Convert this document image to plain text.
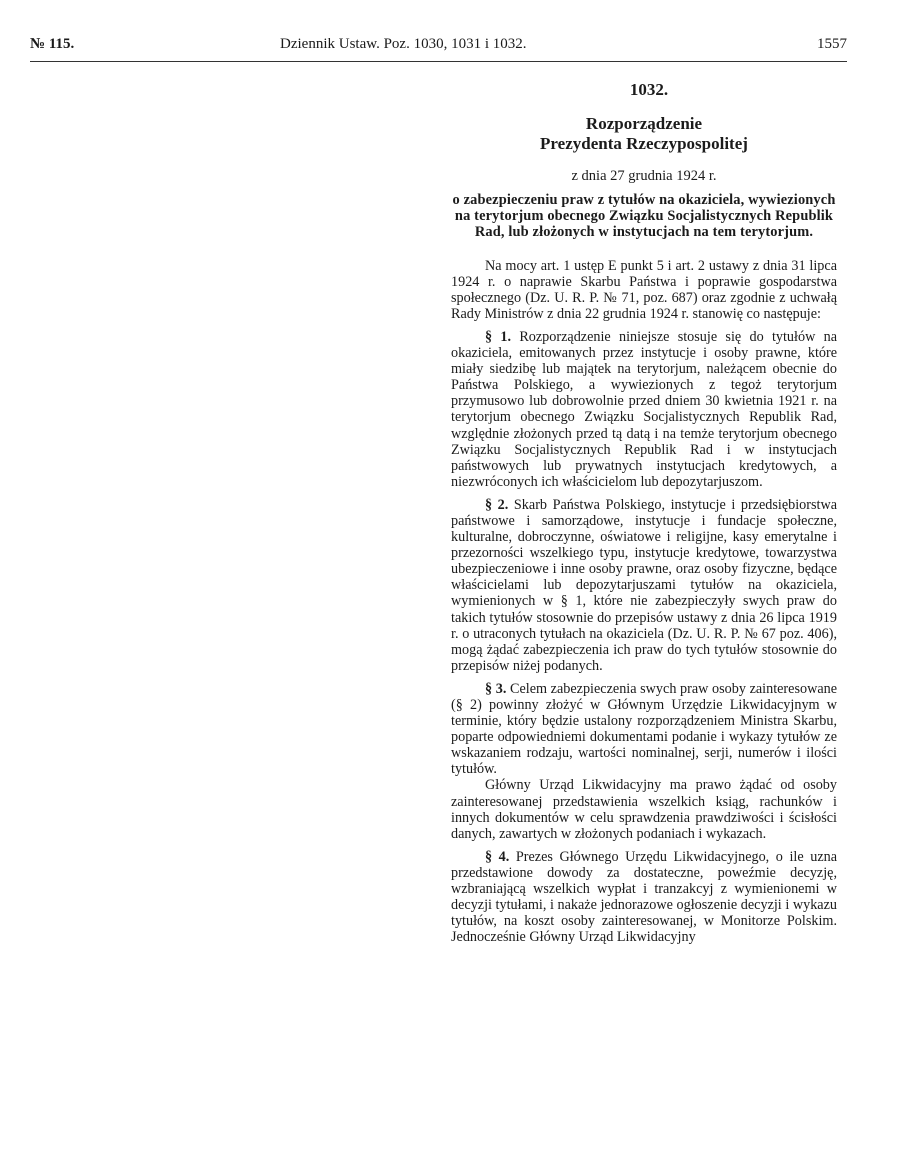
№ 115.	Dziennik Ustaw. Poz. 1030, 1031 i 1032.	1557
1032.
Rozporządzenie
Prezydenta Rzeczypospolitej
z dnia 27 grudnia 1924 r.
o zabezpieczeniu praw z tytułów na okaziciela, wywiezionych na terytorjum obecnego Związku Socjalistycznych Republik Rad, lub złożonych w instytucjach na tem terytorjum.

Na mocy art. 1 ustęp E punkt 5 i art. 2 ustawy z dnia 31 lipca 1924 r. o naprawie Skarbu Państwa i poprawie gospodarstwa społecznego (Dz. U. R. P. № 71, poz. 687) oraz zgodnie z uchwałą Rady Ministrów z dnia 22 grudnia 1924 r. stanowię co następuje:

§ 1. Rozporządzenie niniejsze stosuje się do tytułów na okaziciela, emitowanych przez instytucje i osoby prawne, które miały siedzibę lub majątek na terytorjum, należącem obecnie do Państwa Polskiego, a wywiezionych z tegoż terytorjum przymusowo lub dobrowolnie przed dniem 30 kwietnia 1921 r. na terytorjum obecnego Związku Socjalistycznych Republik Rad, względnie złożonych przed tą datą i na temże terytorjum obecnego Związku Socjalistycznych Republik Rad i w instytucjach państwowych lub prywatnych instytucjach kredytowych, a niezwróconych ich właścicielom lub depozytarjuszom.

§ 2. Skarb Państwa Polskiego, instytucje i przedsiębiorstwa państwowe i samorządowe, instytucje i fundacje społeczne, kulturalne, dobroczynne, oświatowe i religijne, kasy emerytalne i przezorności wszelkiego typu, instytucje kredytowe, towarzystwa ubezpieczeniowe i inne osoby prawne, oraz osoby fizyczne, będące właścicielami lub depozytarjuszami tytułów na okaziciela, wymienionych w § 1, które nie zabezpieczyły swych praw do takich tytułów stosownie do przepisów ustawy z dnia 26 lipca 1919 r. o utraconych tytułach na okaziciela (Dz. U. R. P. № 67 poz. 406), mogą żądać zabezpieczenia ich praw do tych tytułów stosownie do przepisów niżej podanych.

§ 3. Celem zabezpieczenia swych praw osoby zainteresowane (§ 2) powinny złożyć w Głównym Urzędzie Likwidacyjnym w terminie, który będzie ustalony rozporządzeniem Ministra Skarbu, poparte odpowiedniemi dokumentami podanie i wykazy tytułów ze wskazaniem rodzaju, wartości nominalnej, serji, numerów i ilości tytułów.

Główny Urząd Likwidacyjny ma prawo żądać od osoby zainteresowanej przedstawienia wszelkich ksiąg, rachunków i innych dokumentów w celu sprawdzenia prawdziwości i ścisłości danych, zawartych w złożonych podaniach i wykazach.

§ 4. Prezes Głównego Urzędu Likwidacyjnego, o ile uzna przedstawione dowody za dostateczne, poweźmie decyzję, wzbraniającą wszelkich wypłat i tranzakcyj z wymienionemi w decyzji tytułami, i nakaże jednorazowe ogłoszenie decyzji i wykazu tytułów, na koszt osoby zainteresowanej, w Monitorze Polskim. Jednocześnie Główny Urząd Likwidacyjny
